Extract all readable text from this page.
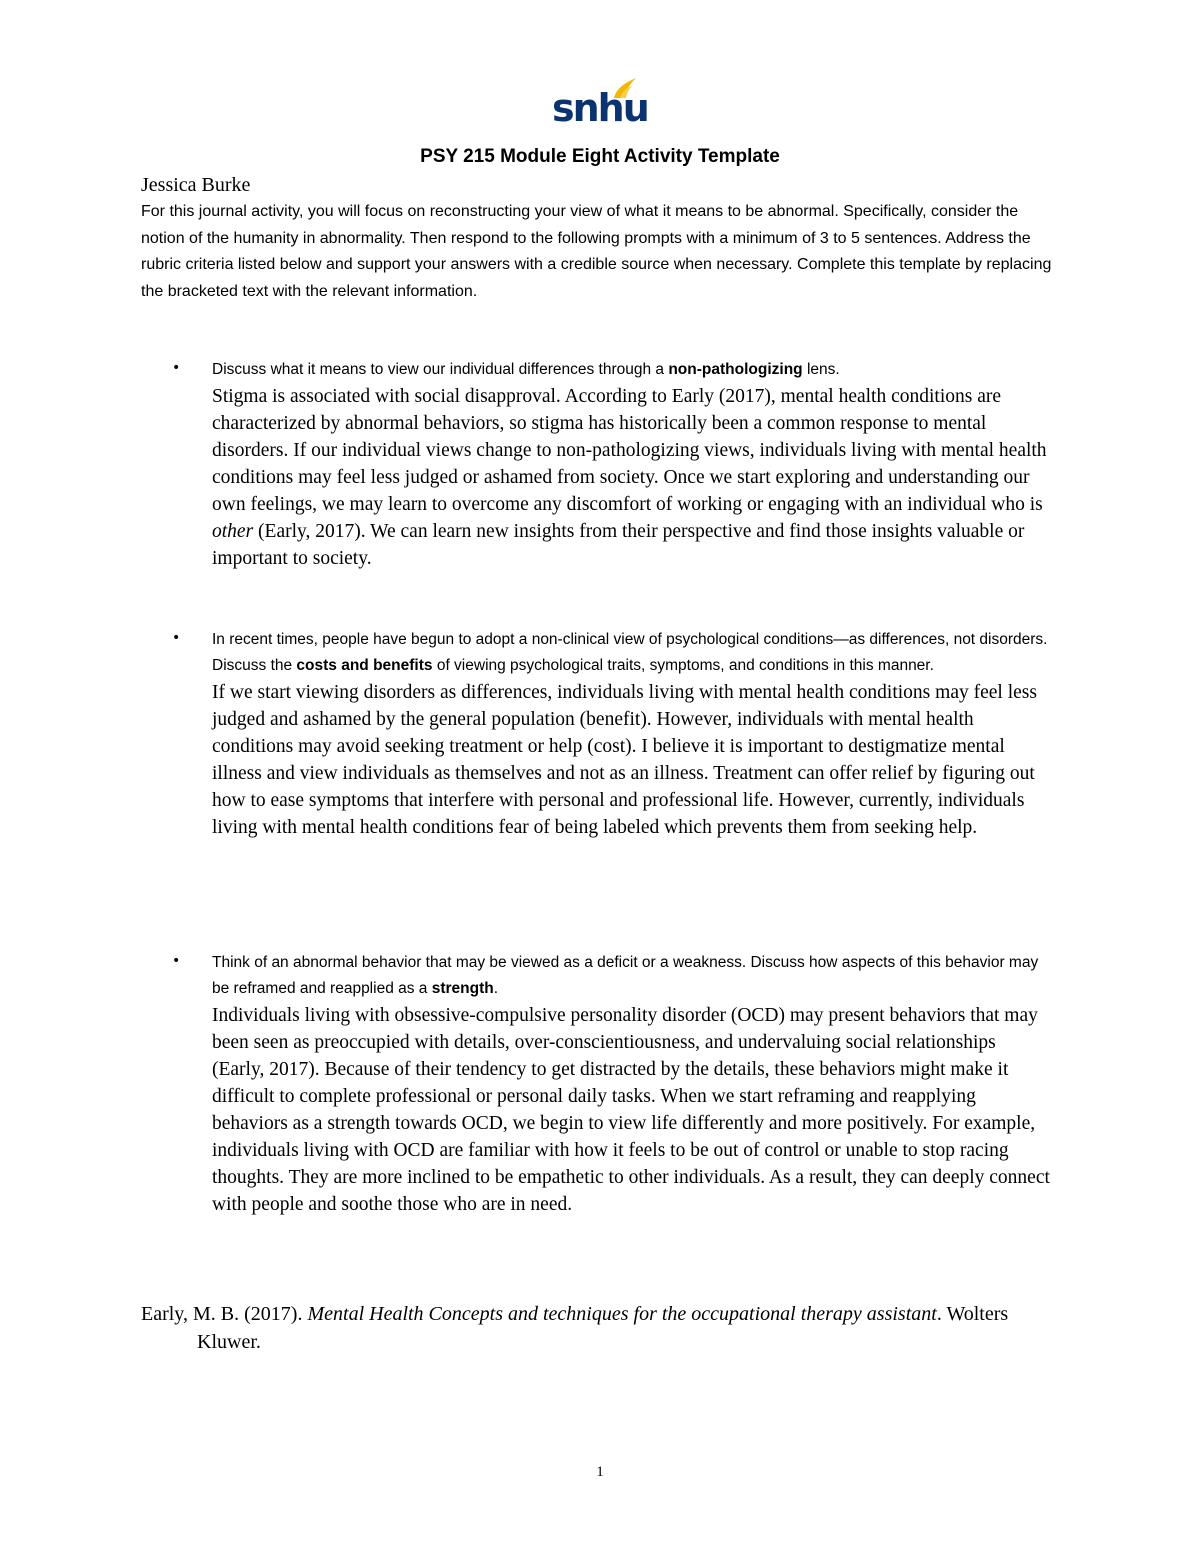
snhu
PSY 215 Module Eight Activity Template
Jessica Burke
For this journal activity, you will focus on reconstructing your view of what it means to be abnormal. Specifically, consider the notion of the humanity in abnormality. Then respond to the following prompts with a minimum of 3 to 5 sentences. Address the rubric criteria listed below and support your answers with a credible source when necessary. Complete this template by replacing the bracketed text with the relevant information.
• Discuss what it means to view our individual differences through a non-pathologizing lens.
Stigma is associated with social disapproval. According to Early (2017), mental health conditions are characterized by abnormal behaviors, so stigma has historically been a common response to mental disorders. If our individual views change to non-pathologizing views, individuals living with mental health conditions may feel less judged or ashamed from society. Once we start exploring and understanding our own feelings, we may learn to overcome any discomfort of working or engaging with an individual who is other (Early, 2017). We can learn new insights from their perspective and find those insights valuable or important to society.
• In recent times, people have begun to adopt a non-clinical view of psychological conditions—as differences, not disorders. Discuss the costs and benefits of viewing psychological traits, symptoms, and conditions in this manner.
If we start viewing disorders as differences, individuals living with mental health conditions may feel less judged and ashamed by the general population (benefit). However, individuals with mental health conditions may avoid seeking treatment or help (cost). I believe it is important to destigmatize mental illness and view individuals as themselves and not as an illness. Treatment can offer relief by figuring out how to ease symptoms that interfere with personal and professional life. However, currently, individuals living with mental health conditions fear of being labeled which prevents them from seeking help.
• Think of an abnormal behavior that may be viewed as a deficit or a weakness. Discuss how aspects of this behavior may be reframed and reapplied as a strength.
Individuals living with obsessive-compulsive personality disorder (OCD) may present behaviors that may been seen as preoccupied with details, over-conscientiousness, and undervaluing social relationships (Early, 2017). Because of their tendency to get distracted by the details, these behaviors might make it difficult to complete professional or personal daily tasks. When we start reframing and reapplying behaviors as a strength towards OCD, we begin to view life differently and more positively. For example, individuals living with OCD are familiar with how it feels to be out of control or unable to stop racing thoughts. They are more inclined to be empathetic to other individuals. As a result, they can deeply connect with people and soothe those who are in need.
Early, M. B. (2017). Mental Health Concepts and techniques for the occupational therapy assistant. Wolters Kluwer.
1
